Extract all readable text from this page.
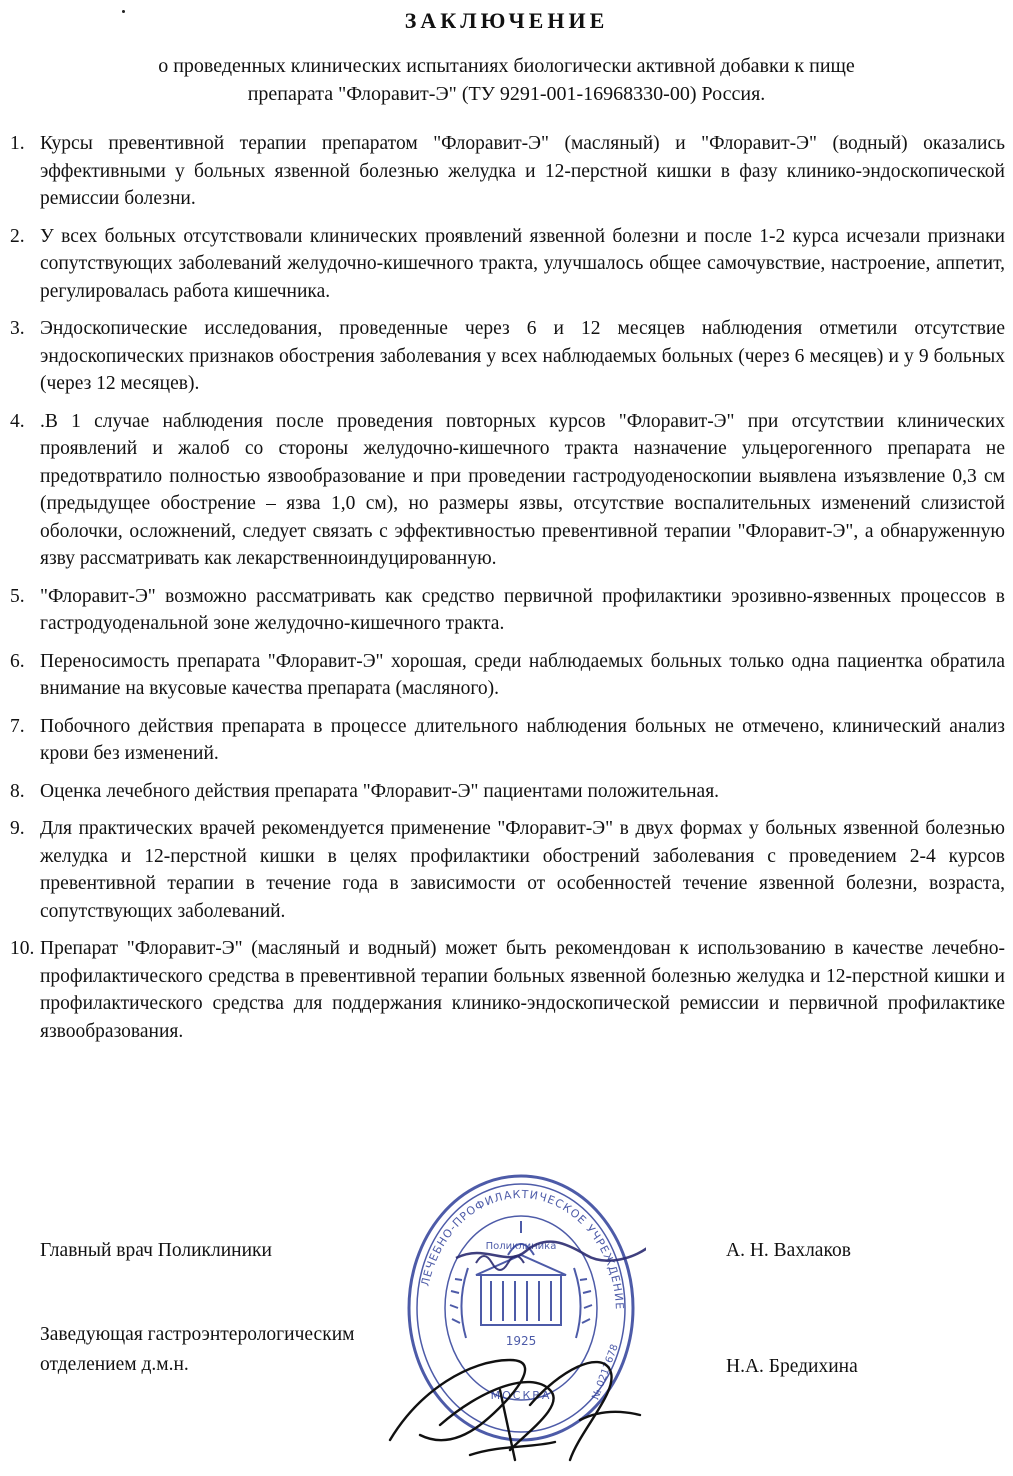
ЗАКЛЮЧЕНИЕ
о проведенных клинических испытаниях биологически активной добавки к пище
препарата "Флоравит-Э" (ТУ 9291-001-16968330-00) Россия.
1. Курсы превентивной терапии препаратом "Флоравит-Э" (масляный) и "Флоравит-Э" (водный) оказались эффективными у больных язвенной болезнью желудка и 12-перстной кишки в фазу клинико-эндоскопической ремиссии болезни.
2. У всех больных отсутствовали клинических проявлений язвенной болезни и после 1-2 курса исчезали признаки сопутствующих заболеваний желудочно-кишечного тракта, улучшалось общее самочувствие, настроение, аппетит, регулировалась работа кишечника.
3. Эндоскопические исследования, проведенные через 6 и 12 месяцев наблюдения отметили отсутствие эндоскопических признаков обострения заболевания у всех наблюдаемых больных (через 6 месяцев) и у 9 больных (через 12 месяцев).
4. .В 1 случае наблюдения после проведения повторных курсов "Флоравит-Э" при отсутствии клинических проявлений и жалоб со стороны желудочно-кишечного тракта назначение ульцерогенного препарата не предотвратило полностью язвообразование и при проведении гастродуоденоскопии выявлена изъязвление 0,3 см (предыдущее обострение – язва 1,0 см), но размеры язвы, отсутствие воспалительных изменений слизистой оболочки, осложнений, следует связать с эффективностью превентивной терапии "Флоравит-Э", а обнаруженную язву рассматривать как лекарственноиндуцированную.
5. "Флоравит-Э" возможно рассматривать как средство первичной профилактики эрозивно-язвенных процессов в гастродуоденальной зоне желудочно-кишечного тракта.
6. Переносимость препарата "Флоравит-Э" хорошая, среди наблюдаемых больных только одна пациентка обратила внимание на вкусовые качества препарата (масляного).
7. Побочного действия препарата в процессе длительного наблюдения больных не отмечено, клинический анализ крови без изменений.
8. Оценка лечебного действия препарата "Флоравит-Э" пациентами положительная.
9. Для практических врачей рекомендуется применение "Флоравит-Э" в двух формах у больных язвенной болезнью желудка и 12-перстной кишки в целях профилактики обострений заболевания с проведением 2-4 курсов превентивной терапии в течение года в зависимости от особенностей течение язвенной болезни, возраста, сопутствующих заболеваний.
10. Препарат "Флоравит-Э" (масляный и водный) может быть рекомендован к использованию в качестве лечебно-профилактического средства в превентивной терапии больных язвенной болезнью желудка и 12-перстной кишки и профилактического средства для поддержания клинико-эндоскопической ремиссии и первичной профилактике язвообразования.
Главный врач Поликлиники	А. Н. Вахлаков
Заведующая гастроэнтерологическим
отделением д.м.н.	Н.А. Бредихина
ЛЕЧЕБНО-ПРОФИЛАКТИЧЕСКОЕ УЧРЕЖДЕНИЕ
Поликлиника
1925
МОСКВА	№ 0217678
